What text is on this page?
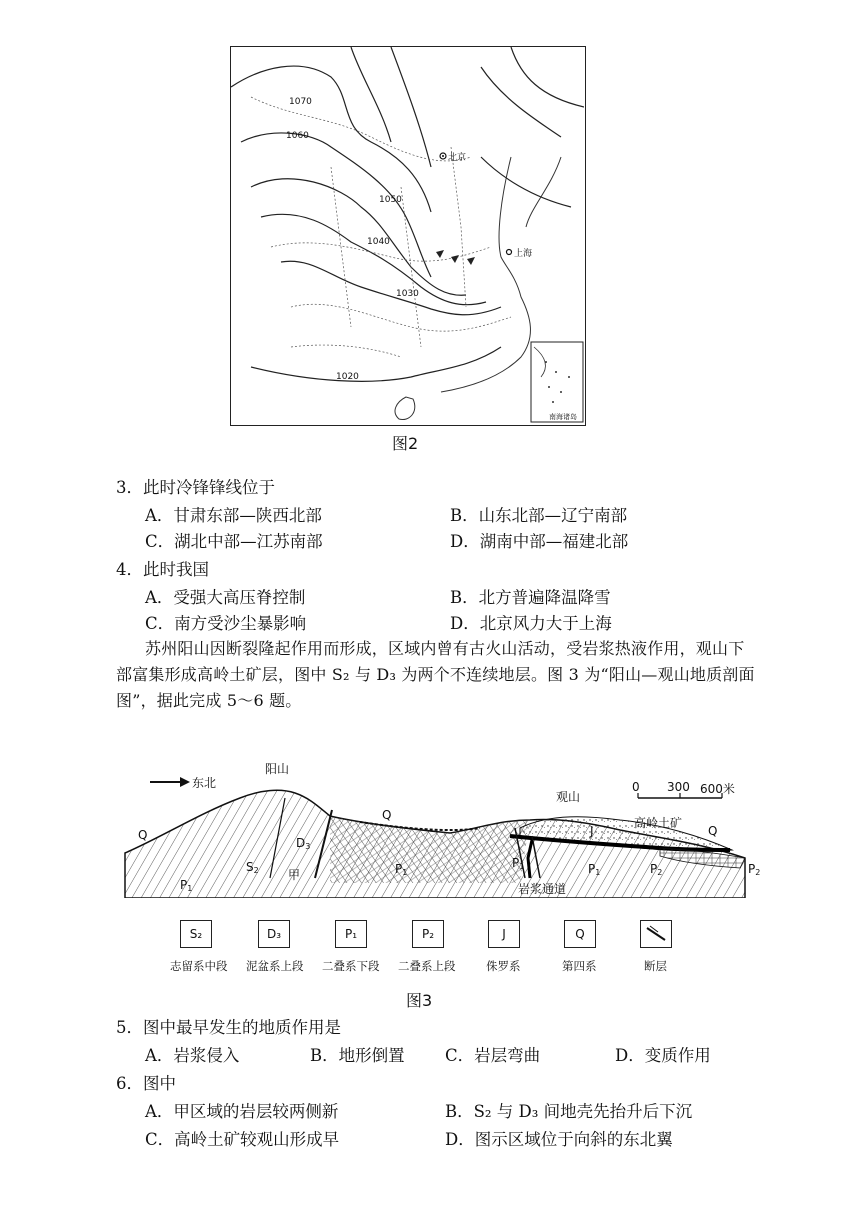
1070
1060
1050
1040
1030
1020
北京
上海
南海诸岛
图2
3．此时冷锋锋线位于
A．甘肃东部—陕西北部	B．山东北部—辽宁南部
C．湖北中部—江苏南部	D．湖南中部—福建北部
4．此时我国
A．受强大高压脊控制	B．北方普遍降温降雪
C．南方受沙尘暴影响	D．北京风力大于上海
苏州阳山因断裂隆起作用而形成，区域内曾有古火山活动，受岩浆热液作用，观山下
部富集形成高岭土矿层，图中 S₂ 与 D₃ 为两个不连续地层。图 3 为“阳山—观山地质剖面
图”，据此完成 5～6 题。
东北
阳山
观山
高岭土矿
岩浆通道
甲
0 300 600米
$S_2$
$D_3$
$P_1$
$P_1$
$P_1$	$P_1$	$P_2$	$P_2$
J
Q
Q
Q
S₂
志留系中段
D₃
泥盆系上段
P₁
二叠系下段
P₂
二叠系上段
J
侏罗系
Q
第四系	断层
图3
5．图中最早发生的地质作用是
A．岩浆侵入	B．地形倒置 C．岩层弯曲	D．变质作用
6．图中
A．甲区域的岩层较两侧新	B．S₂ 与 D₃ 间地壳先抬升后下沉
C．高岭土矿较观山形成早	D．图示区域位于向斜的东北翼
